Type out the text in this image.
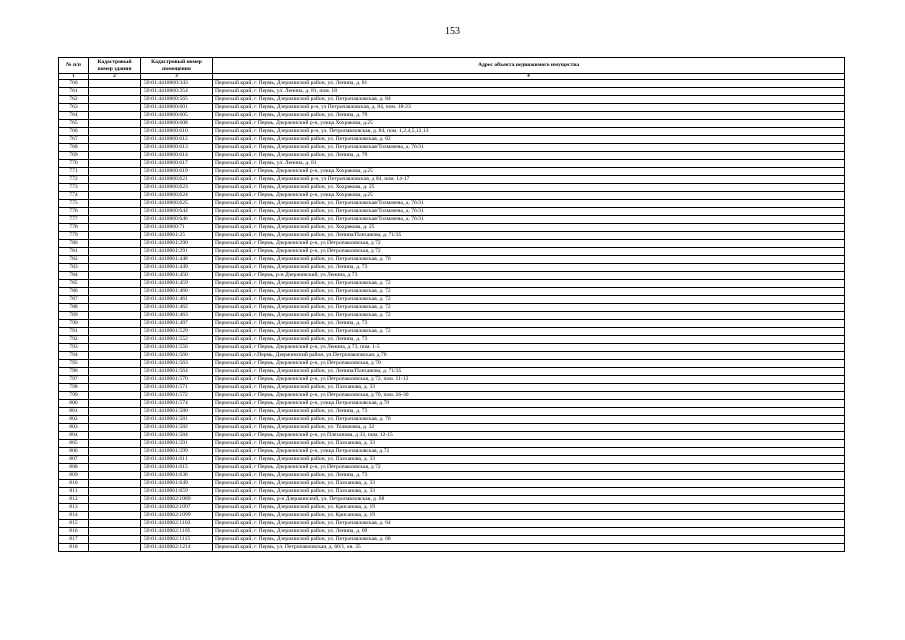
153
№ п/п	Кадастровый номер здания	Кадастровый номер помещения	Адрес объекта недвижимого имущества
1	2	3	4
760		59:01:4410060:343	Пермский край, г. Пермь, Дзержинский район, ул. Ленина, д. 81
761		59:01:4410060:354	Пермский край, г. Пермь, ул. Ленина, д. 81, пом. 18
762		59:01:4410060:565	Пермский край, г. Пермь, Дзержинский район, ул. Петропавловская, д. 84
763		59:01:4410060:601	Пермский край, г. Пермь, Дзержинский р-н, ул Петропавловская, д. 84, пом. 18-23
764		59:01:4410060:605	Пермский край, г. Пермь, Дзержинский район, ул. Ленина, д. 79
765		59:01:4410060:608	Пермский край, г Пермь, Дзержинский р-н, улица Хохрякова, д.25
766		59:01:4410060:610	Пермский край, г. Пермь, Дзержинский р-н, ул. Петропавловская, д. 84, пом. 1,2,4,5,12,13
767		59:01:4410060:612	Пермский край, г. Пермь, Дзержинский район, ул. Петропавловская, д. 82
768		59:01:4410060:613	Пермский край, г. Пермь, Дзержинский район, ул. Петропавловская/Толмачева, д. 76/31
769		59:01:4410060:614	Пермский край, г. Пермь, Дзержинский район, ул. Ленина, д. 79
770		59:01:4410060:617	Пермский край, г. Пермь, ул. Ленина, д. 81
771		59:01:4410060:619	Пермский край, г Пермь, Дзержинский р-н, улица Хохрякова, д.25
772		59:01:4410060:621	Пермский край, г. Пермь, Дзержинский р-н, ул Петропавловская, д 84, пом. 14-17
773		59:01:4410060:623	Пермский край, г. Пермь, Дзержинский район, ул. Хохрякова, д. 25
774		59:01:4410060:624	Пермский край, г Пермь, Дзержинский р-н, улица Хохрякова, д.25
775		59:01:4410060:625	Пермский край, г. Пермь, Дзержинский район, ул. Петропавловская/Толмачева, д. 76/31
776		59:01:4410060:644	Пермский край, г. Пермь, Дзержинский район, ул. Петропавловская/Толмачева, д. 76/31
777		59:01:4410060:646	Пермский край, г. Пермь, Дзержинский район, ул. Петропавловская/Толмачева, д. 76/31
778		59:01:4410060:71	Пермский край, г. Пермь, Дзержинский район, ул. Хохрякова, д. 25
779		59:01:4410061:25	Пермский край, г. Пермь, Дзержинский район, ул. Ленина/Плеханова, д. 71/35
780		59:01:4410061:290	Пермский край, г Пермь, Дзержинский р-н, ул Петропавловская, д 72
781		59:01:4410061:291	Пермский край, г Пермь, Дзержинский р-н, ул Петропавловская, д 72
782		59:01:4410061:448	Пермский край, г. Пермь, Дзержинский район, ул. Петропавловская, д. 70
783		59:01:4410061:449	Пермский край, г. Пермь, Дзержинский район, ул. Ленина, д. 73
784		59:01:4410061:450	Пермский край, г Пермь, р-н Дзержинский, ул Ленина, д 73
785		59:01:4410061:459	Пермский край, г. Пермь, Дзержинский район, ул. Петропавловская, д. 72
786		59:01:4410061:460	Пермский край, г. Пермь, Дзержинский район, ул. Петропавловская, д. 72
787		59:01:4410061:461	Пермский край, г. Пермь, Дзержинский район, ул. Петропавловская, д. 72
788		59:01:4410061:462	Пермский край, г. Пермь, Дзержинский район, ул. Петропавловская, д. 72
789		59:01:4410061:463	Пермский край, г. Пермь, Дзержинский район, ул. Петропавловская, д. 72
790		59:01:4410061:497	Пермский край, г. Пермь, Дзержинский район, ул. Ленина, д. 73
791		59:01:4410061:529	Пермский край, г. Пермь, Дзержинский район, ул. Петропавловская, д. 72
792		59:01:4410061:552	Пермский край, г. Пермь, Дзержинский район, ул. Ленина, д. 73
793		59:01:4410061:556	Пермский край, г Пермь, Дзержинский р-н, ул Ленина, д 73, пом. 1-5
794		59:01:4410061:560	Пермский край, г.Пермь, Дзержинский район, ул.Петропавловская, д.70
795		59:01:4410061:563	Пермский край, г Пермь, Дзержинский р-н, ул Петропавловская, д 70
796		59:01:4410061:564	Пермский край, г. Пермь, Дзержинский район, ул. Ленина/Плеханова, д. 71/35
797		59:01:4410061:570	Пермский край, г Пермь, Дзержинский р-н, ул Петропавловская, д 72, пом. 11-13
798		59:01:4410061:571	Пермский край, г. Пермь, Дзержинский район, ул. Плеханова, д. 33
799		59:01:4410061:572	Пермский край, г Пермь, Дзержинский р-н, ул Петропавловская, д 70, пом. 26-30
800		59:01:4410061:574	Пермский край, г Пермь, Дзержинский р-н, улица Петропавловская, д.70
801		59:01:4410061:580	Пермский край, г. Пермь, Дзержинский район, ул. Ленина, д. 73
802		59:01:4410061:581	Пермский край, г. Пермь, Дзержинский район, ул. Петропавловская, д. 70
803		59:01:4410061:582	Пермский край, г. Пермь, Дзержинский район, ул. Толмачева, д. 32
804		59:01:4410061:584	Пермский край, г Пермь, Дзержинский р-н, ул Плеханова, д 33, пом. 12-15
805		59:01:4410061:591	Пермский край, г. Пермь, Дзержинский район, ул. Плеханова, д. 33
806		59:01:4410061:599	Пермский край, г Пермь, Дзержинский р-н, улица Петропавловская, д.72
807		59:01:4410061:611	Пермский край, г. Пермь, Дзержинский район, ул. Плеханова, д. 33
808		59:01:4410061:615	Пермский край, г Пермь, Дзержинский р-н, ул Петропавловская, д 72
809		59:01:4410061:636	Пермский край, г. Пермь, Дзержинский район, ул. Ленина, д. 73
810		59:01:4410061:649	Пермский край, г. Пермь, Дзержинский район, ул. Плеханова, д. 33
811		59:01:4410061:659	Пермский край, г. Пермь, Дзержинский район, ул. Плеханова, д. 33
812		59:01:4410062:1089	Пермский край, г. Пермь, р-н Дзержинский, ул. Петропавловская, д. 68
813		59:01:4410062:1097	Пермский край, г. Пермь, Дзержинский район, ул. Крисанова, д. 19
814		59:01:4410062:1099	Пермский край, г. Пермь, Дзержинский район, ул. Крисанова, д. 19
815		59:01:4410062:1103	Пермский край, г. Пермь, Дзержинский район, ул. Петропавловская, д. 64
816		59:01:4410062:1105	Пермский край, г. Пермь, Дзержинский район, ул. Ленина, д. 69
817		59:01:4410062:1115	Пермский край, г. Пермь, Дзержинский район, ул. Петропавловская, д. 68
818		59:01:4410062:1214	Пермский край, г. Пермь, ул. Петропавловская, д. 60/1, кв. 35
